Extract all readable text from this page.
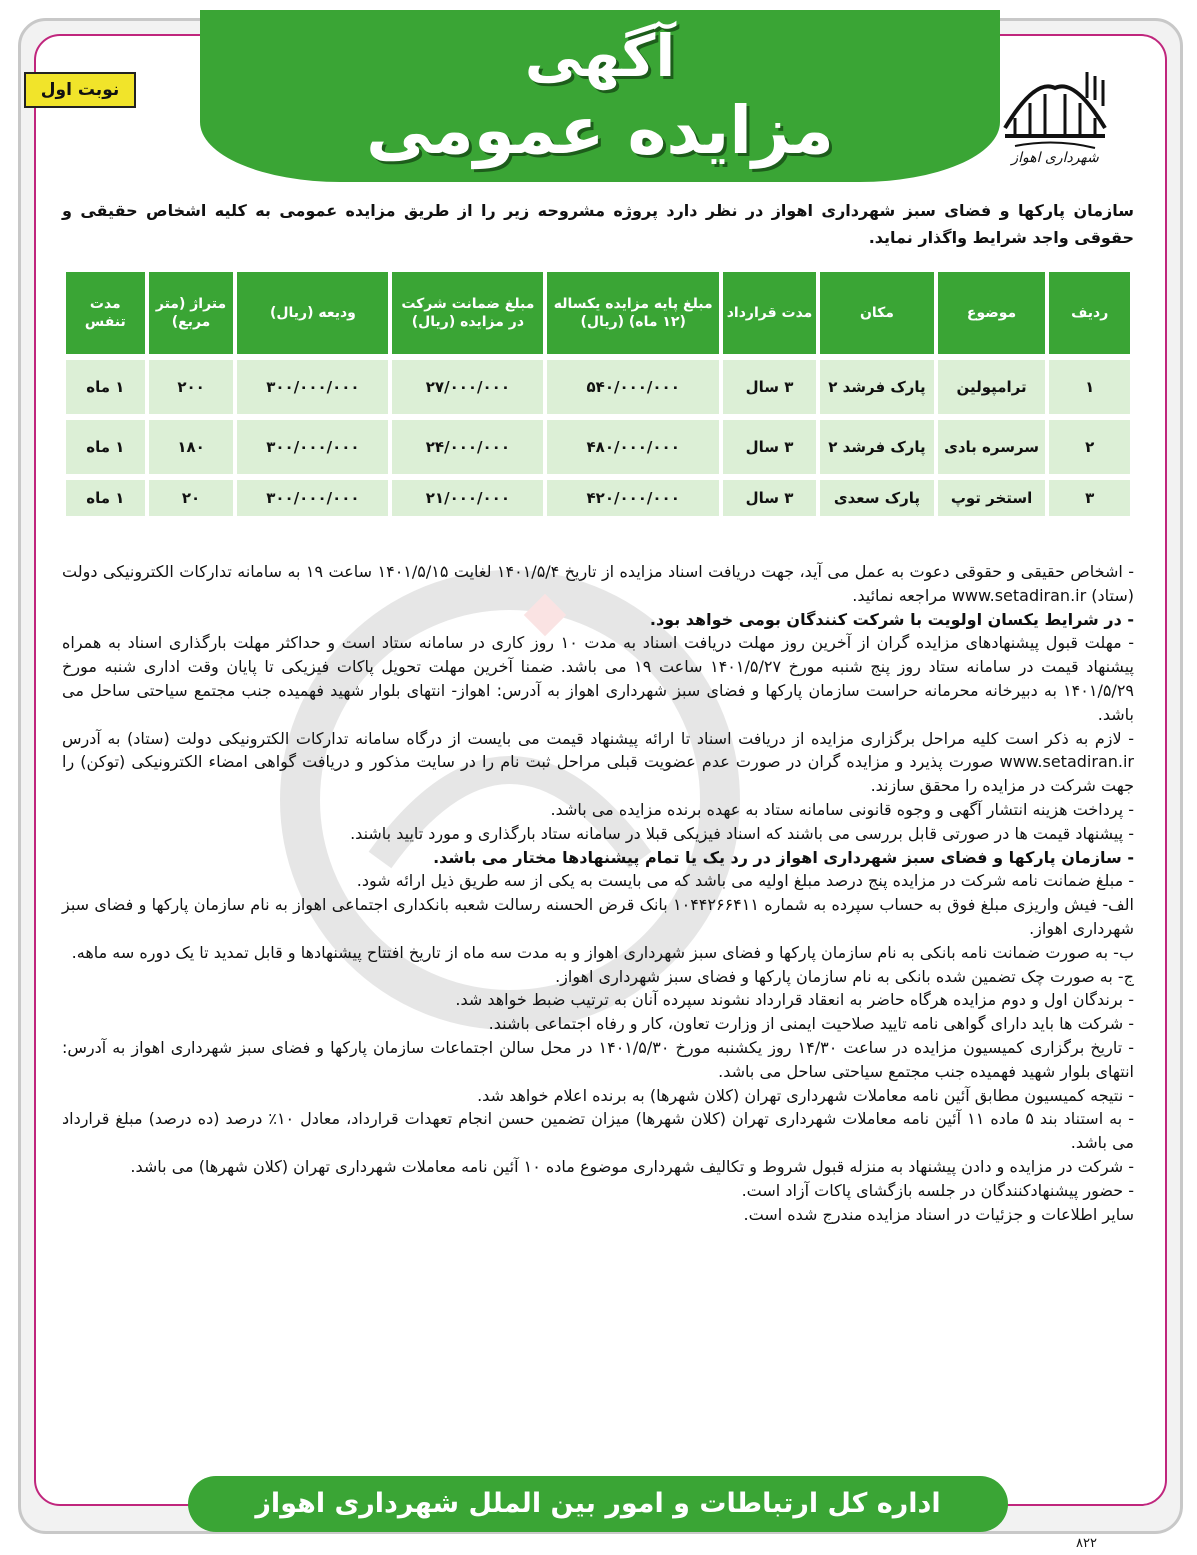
آگهی
مزایده عمومی
نوبت اول
شهرداری اهواز
سازمان پارکها و فضای سبز شهرداری اهواز در نظر دارد پروژه مشروحه زیر را از طریق مزایده عمومی به کلیه اشخاص حقیقی و حقوقی واجد شرایط واگذار نماید.
ردیف	موضوع	مکان	مدت قرارداد	مبلغ پایه مزایده یکساله (۱۲ ماه) (ریال)	مبلغ ضمانت شرکت در مزایده (ریال)	ودیعه (ریال)	متراژ (متر مربع)	مدت تنفس
۱	ترامپولین	پارک فرشد ۲	۳ سال	۵۴۰/۰۰۰/۰۰۰	۲۷/۰۰۰/۰۰۰	۳۰۰/۰۰۰/۰۰۰	۲۰۰	۱ ماه
۲	سرسره بادی	پارک فرشد ۲	۳ سال	۴۸۰/۰۰۰/۰۰۰	۲۴/۰۰۰/۰۰۰	۳۰۰/۰۰۰/۰۰۰	۱۸۰	۱ ماه
۳	استخر توپ	پارک سعدی	۳ سال	۴۲۰/۰۰۰/۰۰۰	۲۱/۰۰۰/۰۰۰	۳۰۰/۰۰۰/۰۰۰	۲۰	۱ ماه

- اشخاص حقیقی و حقوقی دعوت به عمل می آید، جهت دریافت اسناد مزایده از تاریخ ۱۴۰۱/۵/۴ لغایت ۱۴۰۱/۵/۱۵ ساعت ۱۹ به سامانه تدارکات الکترونیکی دولت (ستاد) www.setadiran.ir مراجعه نمائید.

- در شرایط یکسان اولویت با شرکت کنندگان بومی خواهد بود.

- مهلت قبول پیشنهادهای مزایده گران از آخرین روز مهلت دریافت اسناد به مدت ۱۰ روز کاری در سامانه ستاد است و حداکثر مهلت بارگذاری اسناد به همراه پیشنهاد قیمت در سامانه ستاد روز پنج شنبه مورخ ۱۴۰۱/۵/۲۷ ساعت ۱۹ می باشد. ضمنا آخرین مهلت تحویل پاکات فیزیکی تا پایان وقت اداری شنبه مورخ ۱۴۰۱/۵/۲۹ به دبیرخانه محرمانه حراست سازمان پارکها و فضای سبز شهرداری اهواز به آدرس: اهواز- انتهای بلوار شهید فهمیده جنب مجتمع سیاحتی ساحل می باشد.

- لازم به ذکر است کلیه مراحل برگزاری مزایده از دریافت اسناد تا ارائه پیشنهاد قیمت می بایست از درگاه سامانه تدارکات الکترونیکی دولت (ستاد) به آدرس www.setadiran.ir صورت پذیرد و مزایده گران در صورت عدم عضویت قبلی مراحل ثبت نام را در سایت مذکور و دریافت گواهی امضاء الکترونیکی (توکن) را جهت شرکت در مزایده را محقق سازند.

- پرداخت هزینه انتشار آگهی و وجوه قانونی سامانه ستاد به عهده برنده مزایده می باشد.

- پیشنهاد قیمت ها در صورتی قابل بررسی می باشند که اسناد فیزیکی قبلا در سامانه ستاد بارگذاری و مورد تایید باشند.

- سازمان پارکها و فضای سبز شهرداری اهواز در رد یک یا تمام پیشنهادها مختار می باشد.

- مبلغ ضمانت نامه شرکت در مزایده پنج درصد مبلغ اولیه می باشد که می بایست به یکی از سه طریق ذیل ارائه شود.

الف- فیش واریزی مبلغ فوق به حساب سپرده به شماره ۱۰۴۴۲۶۶۴۱۱ بانک قرض الحسنه رسالت شعبه بانکداری اجتماعی اهواز به نام سازمان پارکها و فضای سبز شهرداری اهواز.

ب- به صورت ضمانت نامه بانکی به نام سازمان پارکها و فضای سبز شهرداری اهواز و به مدت سه ماه از تاریخ افتتاح پیشنهادها و قابل تمدید تا یک دوره سه ماهه.

ج- به صورت چک تضمین شده بانکی به نام سازمان پارکها و فضای سبز شهرداری اهواز.

- برندگان اول و دوم مزایده هرگاه حاضر به انعقاد قرارداد نشوند سپرده آنان به ترتیب ضبط خواهد شد.

- شرکت ها باید دارای گواهی نامه تایید صلاحیت ایمنی از وزارت تعاون، کار و رفاه اجتماعی باشند.

- تاریخ برگزاری کمیسیون مزایده در ساعت ۱۴/۳۰ روز یکشنبه مورخ ۱۴۰۱/۵/۳۰ در محل سالن اجتماعات سازمان پارکها و فضای سبز شهرداری اهواز به آدرس: انتهای بلوار شهید فهمیده جنب مجتمع سیاحتی ساحل می باشد.

- نتیجه کمیسیون مطابق آئین نامه معاملات شهرداری تهران (کلان شهرها) به برنده اعلام خواهد شد.

- به استناد بند ۵ ماده ۱۱ آئین نامه معاملات شهرداری تهران (کلان شهرها) میزان تضمین حسن انجام تعهدات قرارداد، معادل ۱۰٪ درصد (ده درصد) مبلغ قرارداد می باشد.

- شرکت در مزایده و دادن پیشنهاد به منزله قبول شروط و تکالیف شهرداری موضوع ماده ۱۰ آئین نامه معاملات شهرداری تهران (کلان شهرها) می باشد.

- حضور پیشنهادکنندگان در جلسه بازگشای پاکات آزاد است.

سایر اطلاعات و جزئیات در اسناد مزایده مندرج شده است.

اداره کل ارتباطات و امور بین الملل شهرداری اهواز
۸۲۲
